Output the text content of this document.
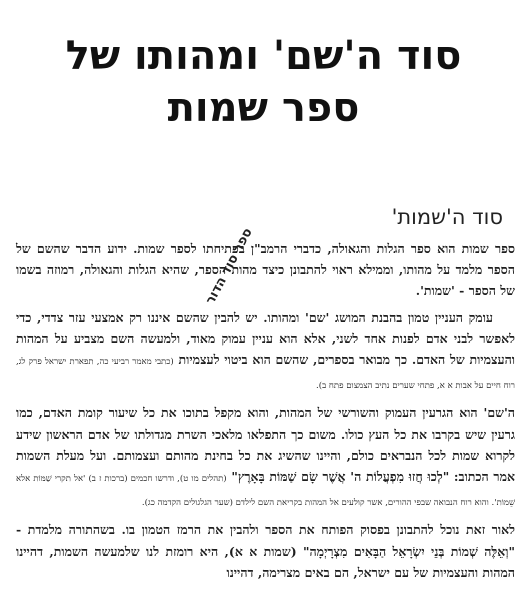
סוד ה'שם' ומהותו של
ספר שמות
סוד ה'שמות'

ספר שמות הוא ספר הגלות והגאולה, כדברי הרמב"ן בפתיחתו לספר שמות. ידוע הדבר שהשם של הספר מלמד על מהותו, וממילא ראוי להתבונן כיצד מהות הספר, שהיא הגלות והגאולה, רמוזה בשמו של הספר - 'שמות'.

עומק העניין טמון בהבנת המושג 'שם' ומהותו. יש להבין שהשם איננו רק אמצעי עזר צדדי, כדי לאפשר לבני אדם לפנות אחד לשני, אלא הוא עניין עמוק מאוד, ולמעשה השם מצביע על המהות והעצמיות של האדם. כך מבואר בספרים, שהשם הוא ביטוי לעצמיות (כתבי מאמר רביעי כה, תפארת ישראל פרק לג, רוח חיים על אבות א א, פתחי שערים נתיב הצמצום פתח ב).

ה'שם' הוא הגרעין העמוק והשורשי של המהות, והוא מקפל בתוכו את כל שיעור קומת האדם, כמו גרעין שיש בקרבו את כל העץ כולו. משום כך התפלאו מלאכי השרת מגדולתו של אדם הראשון שידע לקרוא שמות לכל הנבראים כולם, והיינו שהשיג את כל בחינת מהותם ועצמותם. ועל מעלת השמות אמר הכתוב: "לְכוּ חֲזוּ מִפְעֲלוֹת ה' אֲשֶׁר שָׂם שַׁמּוֹת בָּאָרֶץ" (תהלים מו ט), ודרשו חכמים (ברכות ז ב) 'אל תקרי שַׁמּוֹת אלא שֵׁמוֹת'. והוא רוח הנבואה שבפי ההורים, אשר קולעים אל המהות בקריאת השם לילדם (שער הגלגולים הקדמה כג).

לאור זאת נוכל להתבונן בפסוק הפותח את הספר ולהבין את הרמז הטמון בו. בשהתורה מלמדת - "וְאֵלֶּה שְׁמוֹת בְּנֵי יִשְׂרָאֵל הַבָּאִים מִצְרָיְמָה" (שמות א א), היא רומזת לנו שלמעשה השמות, דהיינו המהות והעצמיות של עם ישראל, הם באים מצרימה, דהיינו

ספר סוד הדור
